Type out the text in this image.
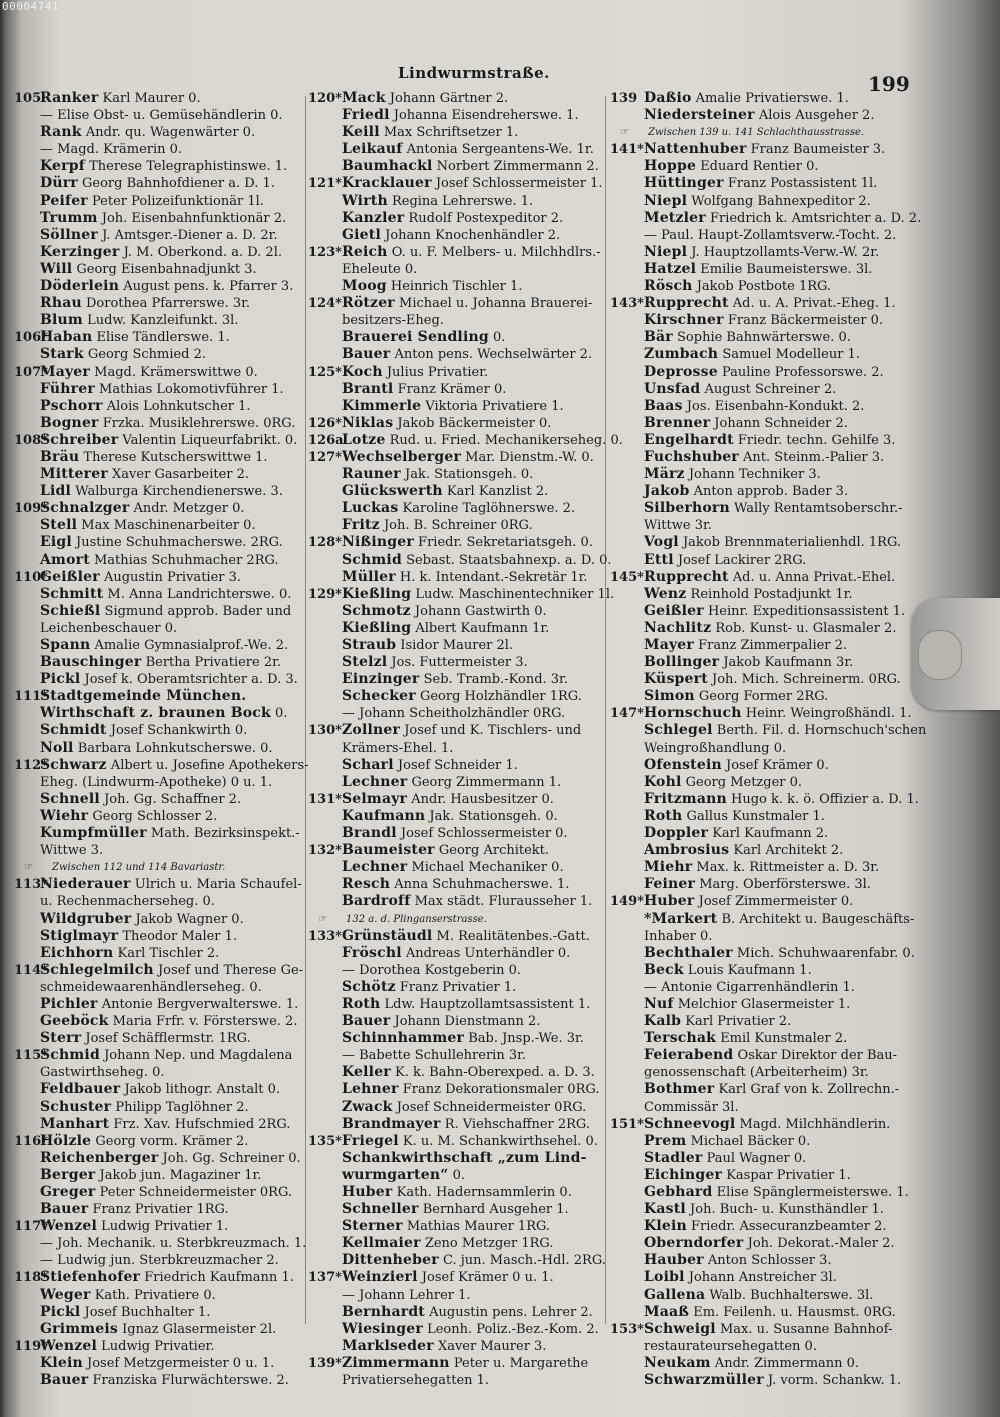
00004741
Lindwurmstraße.	199
105Ranker Karl Maurer 0.
— Elise Obst- u. Gemüsehändlerin 0.
Rank Andr. qu. Wagenwärter 0.
— Magd. Krämerin 0.
Kerpf Therese Telegraphistinswe. 1.
Dürr Georg Bahnhofdiener a. D. 1.
Peifer Peter Polizeifunktionär 1l.
Trumm Joh. Eisenbahnfunktionär 2.
Söllner J. Amtsger.-Diener a. D. 2r.
Kerzinger J. M. Oberkond. a. D. 2l.
Will Georg Eisenbahnadjunkt 3.
Döderlein August pens. k. Pfarrer 3.
Rhau Dorothea Pfarrerswe. 3r.
Blum Ludw. Kanzleifunkt. 3l.
106*Haban Elise Tändlerswe. 1.
Stark Georg Schmied 2.
107*Mayer Magd. Krämerswittwe 0.
Führer Mathias Lokomotivführer 1.
Pschorr Alois Lohnkutscher 1.
Bogner Frzka. Musiklehrerswe. 0RG.
108*Schreiber Valentin Liqueurfabrikt. 0.
Bräu Therese Kutscherswittwe 1.
Mitterer Xaver Gasarbeiter 2.
Lidl Walburga Kirchendienerswe. 3.
109*Schnalzger Andr. Metzger 0.
Stell Max Maschinenarbeiter 0.
Eigl Justine Schuhmacherswe. 2RG.
Amort Mathias Schuhmacher 2RG.
110*Geißler Augustin Privatier 3.
Schmitt M. Anna Landrichterswe. 0.
Schießl Sigmund approb. Bader und
Leichenbeschauer 0.
Spann Amalie Gymnasialprof.-We. 2.
Bauschinger Bertha Privatiere 2r.
Pickl Josef k. Oberamtsrichter a. D. 3.
111*Stadtgemeinde München.
Wirthschaft z. braunen Bock 0.
Schmidt Josef Schankwirth 0.
Noll Barbara Lohnkutscherswe. 0.
112*Schwarz Albert u. Josefine Apothekers-
Eheg. (Lindwurm-Apotheke) 0 u. 1.
Schnell Joh. Gg. Schaffner 2.
Wiehr Georg Schlosser 2.
Kumpfmüller Math. Bezirksinspekt.-
Wittwe 3.
☞ Zwischen 112 und 114 Bavariastr.
113*Niederauer Ulrich u. Maria Schaufel-
u. Rechenmacherseheg. 0.
Wildgruber Jakob Wagner 0.
Stiglmayr Theodor Maler 1.
Eichhorn Karl Tischler 2.
114*Schlegelmilch Josef und Therese Ge-
schmeidewaarenhändlerseheg. 0.
Pichler Antonie Bergverwalterswe. 1.
Geeböck Maria Frfr. v. Försterswe. 2.
Sterr Josef Schäfflermstr. 1RG.
115*Schmid Johann Nep. und Magdalena
Gastwirthseheg. 0.
Feldbauer Jakob lithogr. Anstalt 0.
Schuster Philipp Taglöhner 2.
Manhart Frz. Xav. Hufschmied 2RG.
116*Hölzle Georg vorm. Krämer 2.
Reichenberger Joh. Gg. Schreiner 0.
Berger Jakob jun. Magaziner 1r.
Greger Peter Schneidermeister 0RG.
Bauer Franz Privatier 1RG.
117*Wenzel Ludwig Privatier 1.
— Joh. Mechanik. u. Sterbkreuzmach. 1.
— Ludwig jun. Sterbkreuzmacher 2.
118*Stiefenhofer Friedrich Kaufmann 1.
Weger Kath. Privatiere 0.
Pickl Josef Buchhalter 1.
Grimmeis Ignaz Glasermeister 2l.
119*Wenzel Ludwig Privatier.
Klein Josef Metzgermeister 0 u. 1.
Bauer Franziska Flurwächterswe. 2.
120*Mack Johann Gärtner 2.
Friedl Johanna Eisendreherswe. 1.
Keill Max Schriftsetzer 1.
Leikauf Antonia Sergeantens-We. 1r.
Baumhackl Norbert Zimmermann 2.
121*Kracklauer Josef Schlossermeister 1.
Wirth Regina Lehrerswe. 1.
Kanzler Rudolf Postexpeditor 2.
Gietl Johann Knochenhändler 2.
123*Reich O. u. F. Melbers- u. Milchhdlrs.-
Eheleute 0.
Moog Heinrich Tischler 1.
124*Rötzer Michael u. Johanna Brauerei-
besitzers-Eheg.
Brauerei Sendling 0.
Bauer Anton pens. Wechselwärter 2.
125*Koch Julius Privatier.
Brantl Franz Krämer 0.
Kimmerle Viktoria Privatiere 1.
126*Niklas Jakob Bäckermeister 0.
126aLotze Rud. u. Fried. Mechanikerseheg. 0.
127*Wechselberger Mar. Dienstm.-W. 0.
Rauner Jak. Stationsgeh. 0.
Glückswerth Karl Kanzlist 2.
Luckas Karoline Taglöhnerswe. 2.
Fritz Joh. B. Schreiner 0RG.
128*Nißinger Friedr. Sekretariatsgeh. 0.
Schmid Sebast. Staatsbahnexp. a. D. 0.
Müller H. k. Intendant.-Sekretär 1r.
129*Kießling Ludw. Maschinentechniker 1l.
Schmotz Johann Gastwirth 0.
Kießling Albert Kaufmann 1r.
Straub Isidor Maurer 2l.
Stelzl Jos. Futtermeister 3.
Einzinger Seb. Tramb.-Kond. 3r.
Schecker Georg Holzhändler 1RG.
— Johann Scheitholzhändler 0RG.
130*Zollner Josef und K. Tischlers- und
Krämers-Ehel. 1.
Scharl Josef Schneider 1.
Lechner Georg Zimmermann 1.
131*Selmayr Andr. Hausbesitzer 0.
Kaufmann Jak. Stationsgeh. 0.
Brandl Josef Schlossermeister 0.
132*Baumeister Georg Architekt.
Lechner Michael Mechaniker 0.
Resch Anna Schuhmacherswe. 1.
Bardroff Max städt. Flurausseher 1.
☞ 132 a. d. Plinganserstrasse.
133*Grünstäudl M. Realitätenbes.-Gatt.
Fröschl Andreas Unterhändler 0.
— Dorothea Kostgeberin 0.
Schötz Franz Privatier 1.
Roth Ldw. Hauptzollamtsassistent 1.
Bauer Johann Dienstmann 2.
Schinnhammer Bab. Jnsp.-We. 3r.
— Babette Schullehrerin 3r.
Keller K. k. Bahn-Oberexped. a. D. 3.
Lehner Franz Dekorationsmaler 0RG.
Zwack Josef Schneidermeister 0RG.
Brandmayer R. Viehschaffner 2RG.
135*Friegel K. u. M. Schankwirthsehel. 0.
Schankwirthschaft „zum Lind-
wurmgarten“ 0.
Huber Kath. Hadernsammlerin 0.
Schneller Bernhard Ausgeher 1.
Sterner Mathias Maurer 1RG.
Kellmaier Zeno Metzger 1RG.
Dittenheber C. jun. Masch.-Hdl. 2RG.
137*Weinzierl Josef Krämer 0 u. 1.
— Johann Lehrer 1.
Bernhardt Augustin pens. Lehrer 2.
Wiesinger Leonh. Poliz.-Bez.-Kom. 2.
Marklseder Xaver Maurer 3.
139*Zimmermann Peter u. Margarethe
Privatiersehegatten 1.
139 Daßio Amalie Privatierswe. 1.
Niedersteiner Alois Ausgeher 2.
☞ Zwischen 139 u. 141 Schlachthausstrasse.
141*Nattenhuber Franz Baumeister 3.
Hoppe Eduard Rentier 0.
Hüttinger Franz Postassistent 1l.
Niepl Wolfgang Bahnexpeditor 2.
Metzler Friedrich k. Amtsrichter a. D. 2.
— Paul. Haupt-Zollamtsverw.-Tocht. 2.
Niepl J. Hauptzollamts-Verw.-W. 2r.
Hatzel Emilie Baumeisterswe. 3l.
Rösch Jakob Postbote 1RG.
143*Rupprecht Ad. u. A. Privat.-Eheg. 1.
Kirschner Franz Bäckermeister 0.
Bär Sophie Bahnwärterswe. 0.
Zumbach Samuel Modelleur 1.
Deprosse Pauline Professorswe. 2.
Unsfad August Schreiner 2.
Baas Jos. Eisenbahn-Kondukt. 2.
Brenner Johann Schneider 2.
Engelhardt Friedr. techn. Gehilfe 3.
Fuchshuber Ant. Steinm.-Palier 3.
März Johann Techniker 3.
Jakob Anton approb. Bader 3.
Silberhorn Wally Rentamtsoberschr.-
Wittwe 3r.
Vogl Jakob Brennmaterialienhdl. 1RG.
Ettl Josef Lackirer 2RG.
145*Rupprecht Ad. u. Anna Privat.-Ehel.
Wenz Reinhold Postadjunkt 1r.
Geißler Heinr. Expeditionsassistent 1.
Nachlitz Rob. Kunst- u. Glasmaler 2.
Mayer Franz Zimmerpalier 2.
Bollinger Jakob Kaufmann 3r.
Küspert Joh. Mich. Schreinerm. 0RG.
Simon Georg Former 2RG.
147*Hornschuch Heinr. Weingroßhändl. 1.
Schlegel Berth. Fil. d. Hornschuch'schen
Weingroßhandlung 0.
Ofenstein Josef Krämer 0.
Kohl Georg Metzger 0.
Fritzmann Hugo k. k. ö. Offizier a. D. 1.
Roth Gallus Kunstmaler 1.
Doppler Karl Kaufmann 2.
Ambrosius Karl Architekt 2.
Miehr Max. k. Rittmeister a. D. 3r.
Feiner Marg. Oberförsterswe. 3l.
149*Huber Josef Zimmermeister 0.
*Markert B. Architekt u. Baugeschäfts-
Inhaber 0.
Bechthaler Mich. Schuhwaarenfabr. 0.
Beck Louis Kaufmann 1.
— Antonie Cigarrenhändlerin 1.
Nuf Melchior Glasermeister 1.
Kalb Karl Privatier 2.
Terschak Emil Kunstmaler 2.
Feierabend Oskar Direktor der Bau-
genossenschaft (Arbeiterheim) 3r.
Bothmer Karl Graf von k. Zollrechn.-
Commissär 3l.
151*Schneevogl Magd. Milchhändlerin.
Prem Michael Bäcker 0.
Stadler Paul Wagner 0.
Eichinger Kaspar Privatier 1.
Gebhard Elise Spänglermeisterswe. 1.
Kastl Joh. Buch- u. Kunsthändler 1.
Klein Friedr. Assecuranzbeamter 2.
Oberndorfer Joh. Dekorat.-Maler 2.
Hauber Anton Schlosser 3.
Loibl Johann Anstreicher 3l.
Gallena Walb. Buchhalterswe. 3l.
Maaß Em. Feilenh. u. Hausmst. 0RG.
153*Schweigl Max. u. Susanne Bahnhof-
restaurateursehegatten 0.
Neukam Andr. Zimmermann 0.
Schwarzmüller J. vorm. Schankw. 1.
